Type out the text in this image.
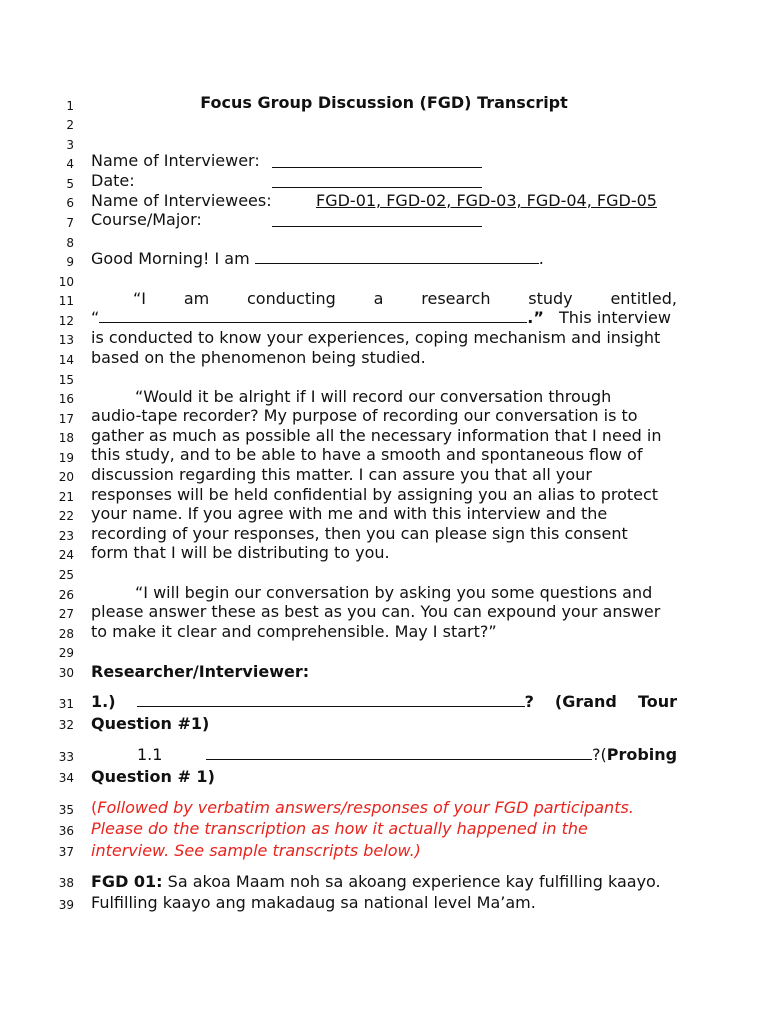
1
2
3
4
5
6
7
8
9
10
11
12
13
14
15
16
17
18
19
20
21
22
23
24
25
26
27
28
29
30
31
32
33
34
35
36
37
38
39
Focus Group Discussion (FGD) Transcript
Name of Interviewer:
Date:
Name of Interviewees:	FGD-01, FGD-02, FGD-03, FGD-04, FGD-05
Course/Major:
Good Morning! I am	.
“I am conducting a research study entitled,
“	.” This interview
is conducted to know your experiences, coping mechanism and insight
based on the phenomenon being studied.
“Would it be alright if I will record our conversation through
audio-tape recorder? My purpose of recording our conversation is to
gather as much as possible all the necessary information that I need in
this study, and to be able to have a smooth and spontaneous flow of
discussion regarding this matter. I can assure you that all your
responses will be held confidential by assigning you an alias to protect
your name. If you agree with me and with this interview and the
recording of your responses, then you can please sign this consent
form that I will be distributing to you.
“I will begin our conversation by asking you some questions and
please answer these as best as you can. You can expound your answer
to make it clear and comprehensible. May I start?”
Researcher/Interviewer:
1.)	? (Grand Tour
Question #1)
1.1	?(Probing
Question # 1)
(Followed by verbatim answers/responses of your FGD participants.
Please do the transcription as how it actually happened in the
interview. See sample transcripts below.)
FGD 01: Sa akoa Maam noh sa akoang experience kay fulfilling kaayo.
Fulfilling kaayo ang makadaug sa national level Ma’am.
